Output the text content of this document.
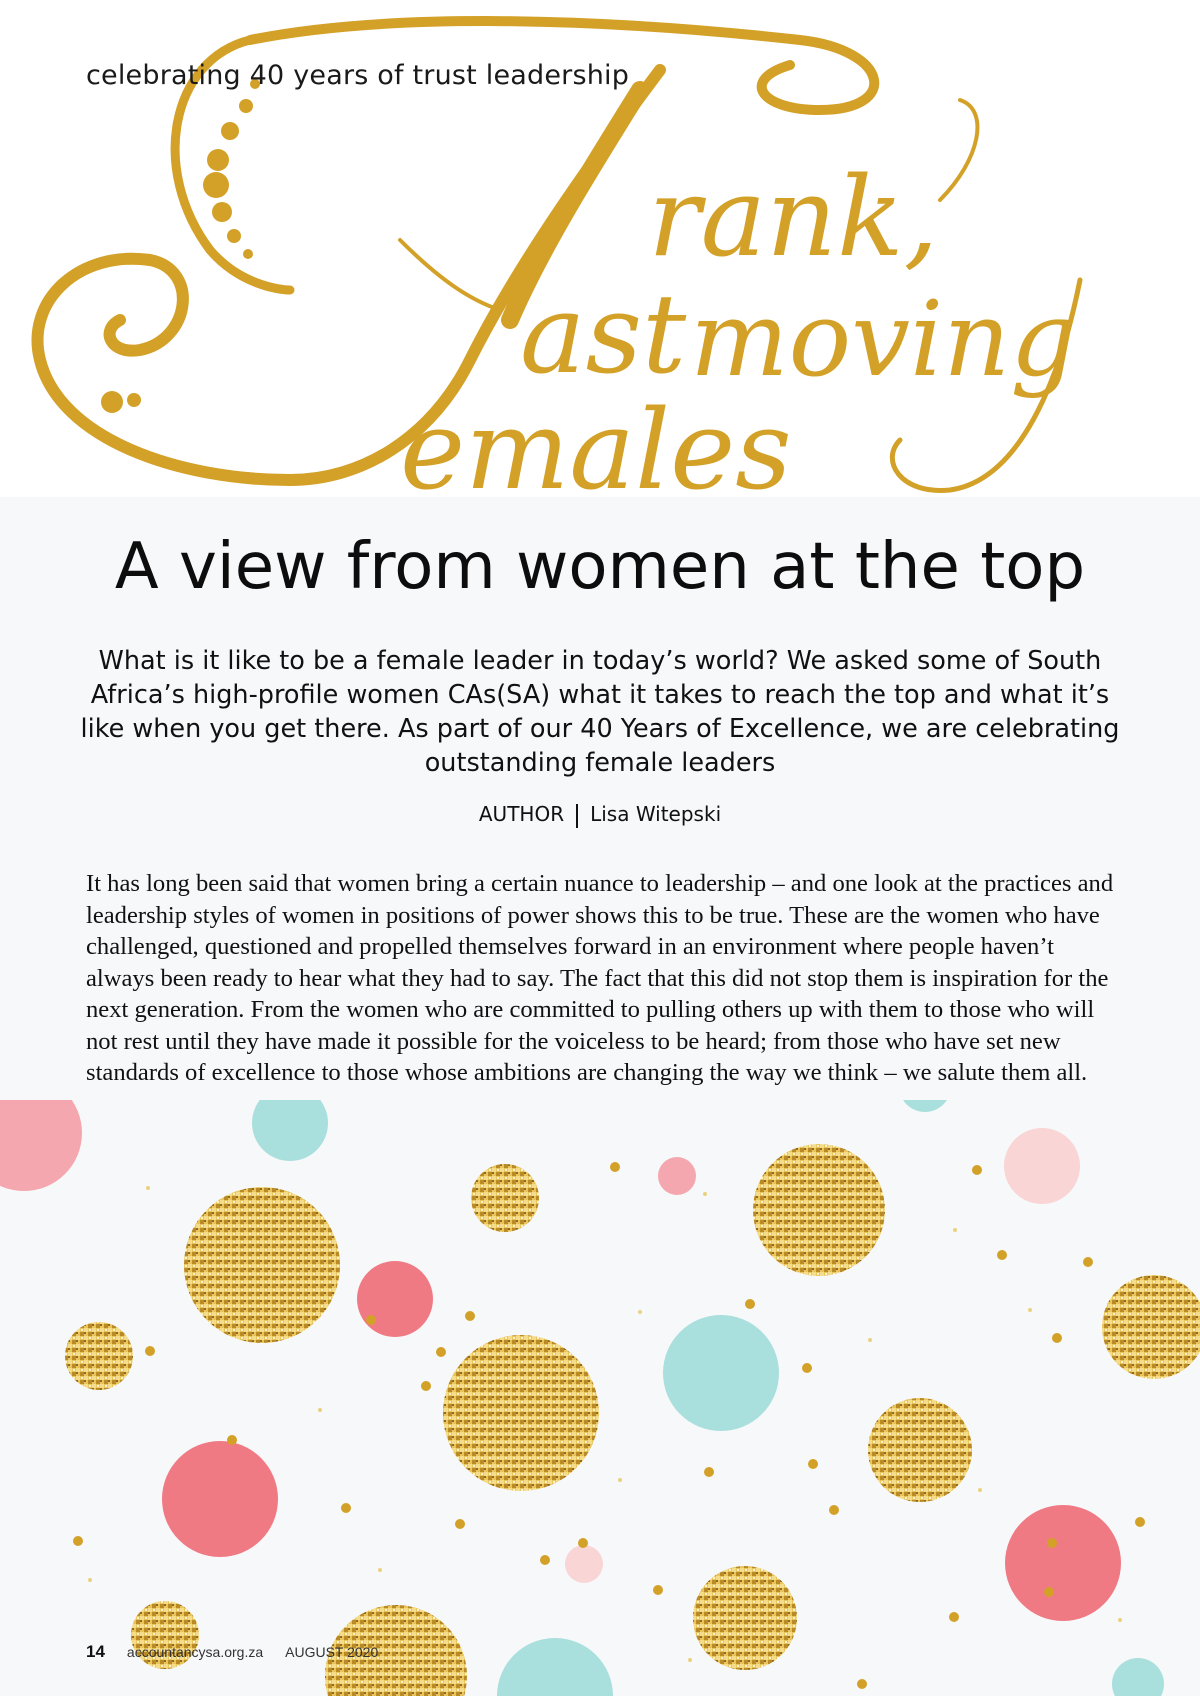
rank,
ast moving
emales
celebrating 40 years of trust leadership
A view from women at the top

What is it like to be a female leader in today’s world? We asked some of South Africa’s high-profile women CAs(SA) what it takes to reach the top and what it’s like when you get there. As part of our 40 Years of Excellence, we are celebrating outstanding female leaders

AUTHOR Lisa Witepski

It has long been said that women bring a certain nuance to leadership – and one look at the practices and leadership styles of women in positions of power shows this to be true. These are the women who have challenged, questioned and propelled themselves forward in an environment where people haven’t always been ready to hear what they had to say. The fact that this did not stop them is inspiration for the next generation. From the women who are committed to pulling others up with them to those who will not rest until they have made it possible for the voiceless to be heard; from those who have set new standards of excellence to those whose ambitions are changing the way we think – we salute them all.

14 accountancysa.org.za AUGUST 2020
